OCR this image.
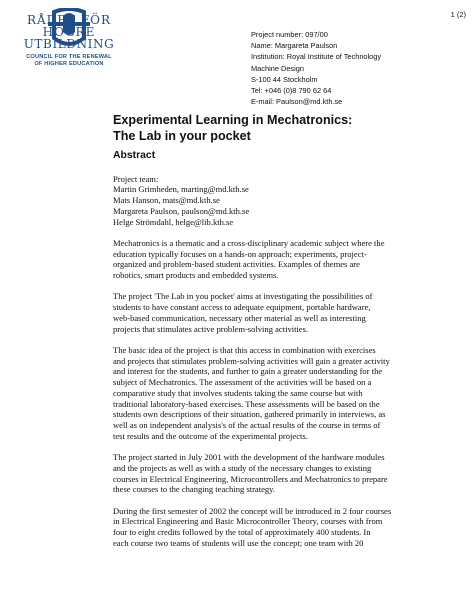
RÅDET FÖR
HÖGRE
UTBILDNING
COUNCIL FOR THE RENEWAL
OF HIGHER EDUCATION
1 (2)
Project number: 097/00
Name: Margareta Paulson
Institution: Royal Institute of Technology
Machine Design
S-100 44 Stockholm
Tel: +046 (0)8 790 62 64
E-mail: Paulson@md.kth.se
Experimental Learning in Mechatronics:
The Lab in your pocket
Abstract

Project team:
Martin Grimheden, marting@md.kth.se
Mats Hanson, mats@md.kth.se
Margareta Paulson, paulson@md.kth.se
Helge Strömdahl, helge@lib.kth.se

Mechatronics is a thematic and a cross-disciplinary academic subject where the
education typically focuses on a hands-on approach; experiments, project-
organized and problem-based student activities. Examples of themes are
robotics, smart products and embedded systems.

The project 'The Lab in you pocket' aims at investigating the possibilities of
students to have constant access to adequate equipment, portable hardware,
web-based communication, necessary other material as well as interesting
projects that stimulates active problem-solving activities.

The basic idea of the project is that this access in combination with exercises
and projects that stimulates problem-solving activities will gain a greater activity
and interest for the students, and further to gain a greater understanding for the
subject of Mechatronics. The assessment of the activities will be based on a
comparative study that involves students taking the same course but with
traditional laboratory-based exercises. These assessments will be based on the
students own descriptions of their situation, gathered primarily in interviews, as
well as on independent analysis's of the actual results of the course in terms of
test results and the outcome of the experimental projects.

The project started in July 2001 with the development of the hardware modules
and the projects as well as with a study of the necessary changes to existing
courses in Electrical Engineering, Microcontrollers and Mechatronics to prepare
these courses to the changing teaching strategy.

During the first semester of 2002 the concept will be introduced in 2 four courses
in Electrical Engineering and Basic Microcontroller Theory, courses with from
four to eight credits followed by the total of approximately 400 students. In
each course two teams of students will use the concept; one team with 20
